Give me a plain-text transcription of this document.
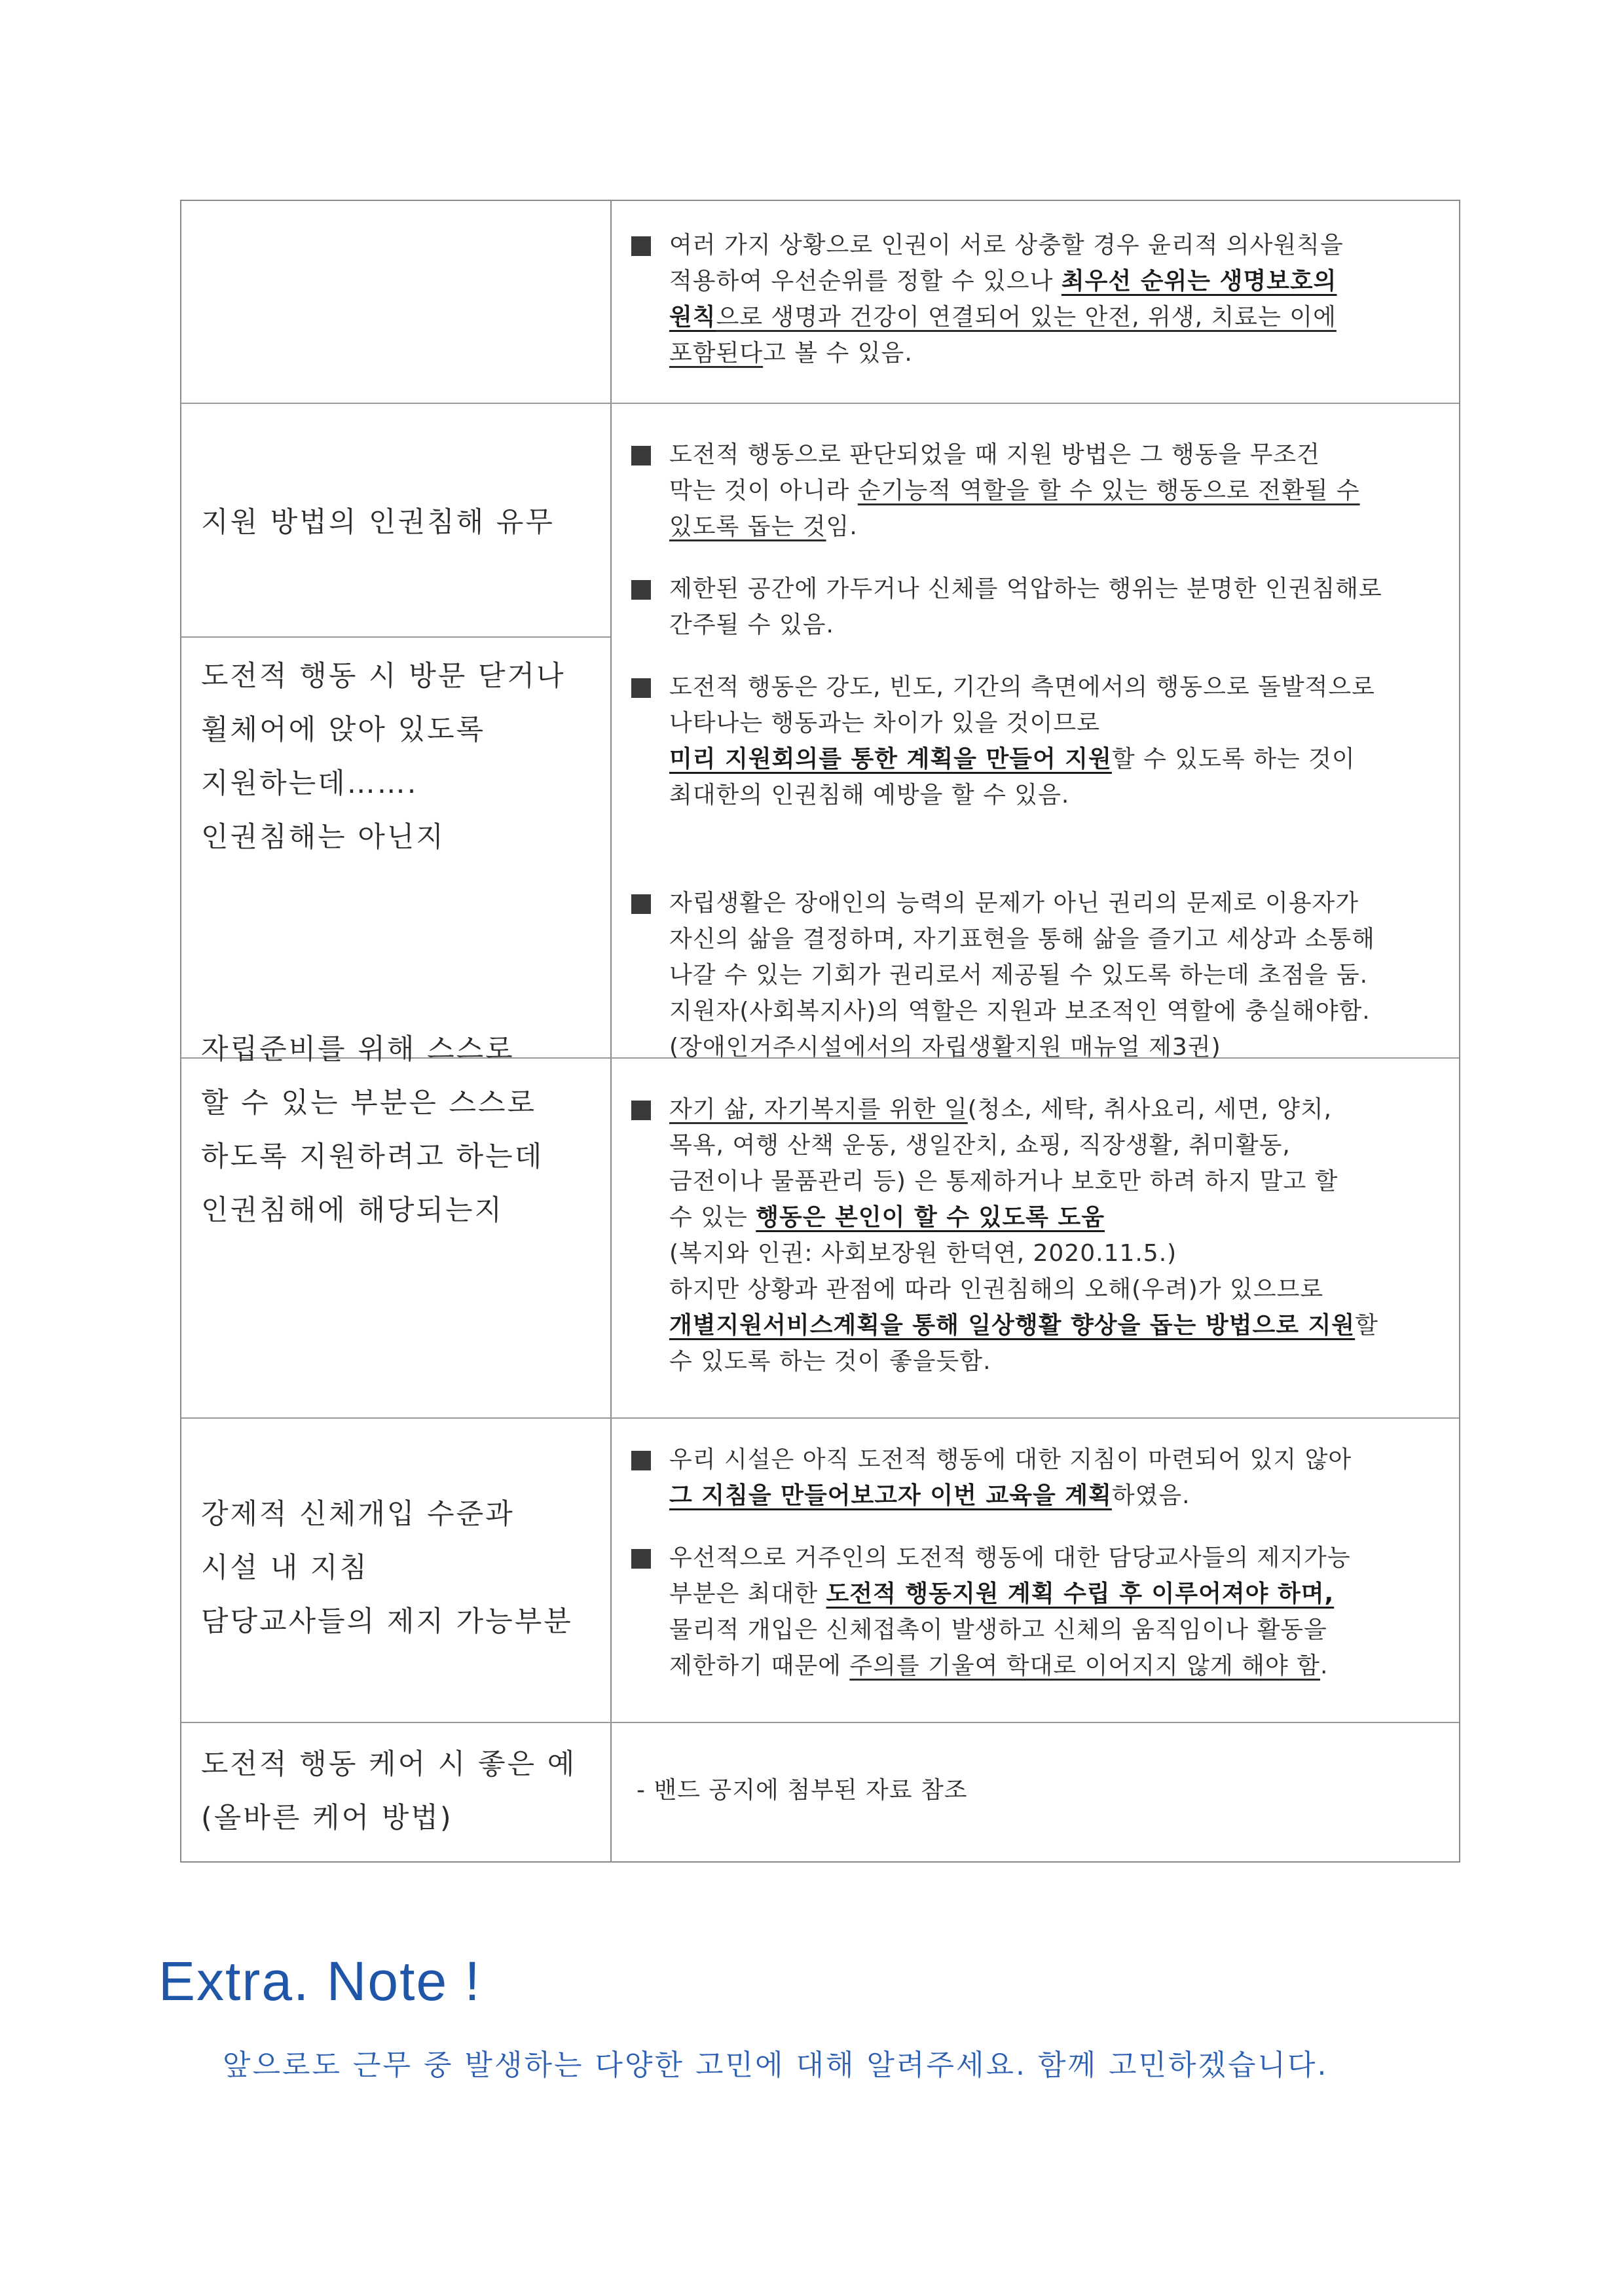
여러 가지 상황으로 인권이 서로 상충할 경우 윤리적 의사원칙을
적용하여 우선순위를 정할 수 있으나 최우선 순위는 생명보호의
원칙으로 생명과 건강이 연결되어 있는 안전, 위생, 치료는 이에
포함된다고 볼 수 있음.
지원 방법의 인권침해 유무
도전적 행동 시 방문 닫거나
휠체어에 앉아 있도록
지원하는데…….
인권침해는 아닌지
도전적 행동으로 판단되었을 때 지원 방법은 그 행동을 무조건
막는 것이 아니라 순기능적 역할을 할 수 있는 행동으로 전환될 수
있도록 돕는 것임.
제한된 공간에 가두거나 신체를 억압하는 행위는 분명한 인권침해로
간주될 수 있음.
도전적 행동은 강도, 빈도, 기간의 측면에서의 행동으로 돌발적으로
나타나는 행동과는 차이가 있을 것이므로
미리 지원회의를 통한 계획을 만들어 지원할 수 있도록 하는 것이
최대한의 인권침해 예방을 할 수 있음.
자립준비를 위해 스스로
할 수 있는 부분은 스스로
하도록 지원하려고 하는데
인권침해에 해당되는지
자립생활은 장애인의 능력의 문제가 아닌 권리의 문제로 이용자가
자신의 삶을 결정하며, 자기표현을 통해 삶을 즐기고 세상과 소통해
나갈 수 있는 기회가 권리로서 제공될 수 있도록 하는데 초점을 둠.
지원자(사회복지사)의 역할은 지원과 보조적인 역할에 충실해야함.
(장애인거주시설에서의 자립생활지원 매뉴얼 제3권)
자기 삶, 자기복지를 위한 일(청소, 세탁, 취사요리, 세면, 양치,
목욕, 여행 산책 운동, 생일잔치, 쇼핑, 직장생활, 취미활동,
금전이나 물품관리 등) 은 통제하거나 보호만 하려 하지 말고 할
수 있는 행동은 본인이 할 수 있도록 도움
(복지와 인권: 사회보장원 한덕연, 2020.11.5.)
하지만 상황과 관점에 따라 인권침해의 오해(우려)가 있으므로
개별지원서비스계획을 통해 일상행활 향상을 돕는 방법으로 지원할
수 있도록 하는 것이 좋을듯함.
강제적 신체개입 수준과
시설 내 지침
담당교사들의 제지 가능부분
우리 시설은 아직 도전적 행동에 대한 지침이 마련되어 있지 않아
그 지침을 만들어보고자 이번 교육을 계획하였음.
우선적으로 거주인의 도전적 행동에 대한 담당교사들의 제지가능
부분은 최대한 도전적 행동지원 계획 수립 후 이루어져야 하며,
물리적 개입은 신체접촉이 발생하고 신체의 움직임이나 활동을
제한하기 때문에 주의를 기울여 학대로 이어지지 않게 해야 함.
도전적 행동 케어 시 좋은 예
(올바른 케어 방법)
- 밴드 공지에 첨부된 자료 참조
Extra. Note !
앞으로도 근무 중 발생하는 다양한 고민에 대해 알려주세요. 함께 고민하겠습니다.
